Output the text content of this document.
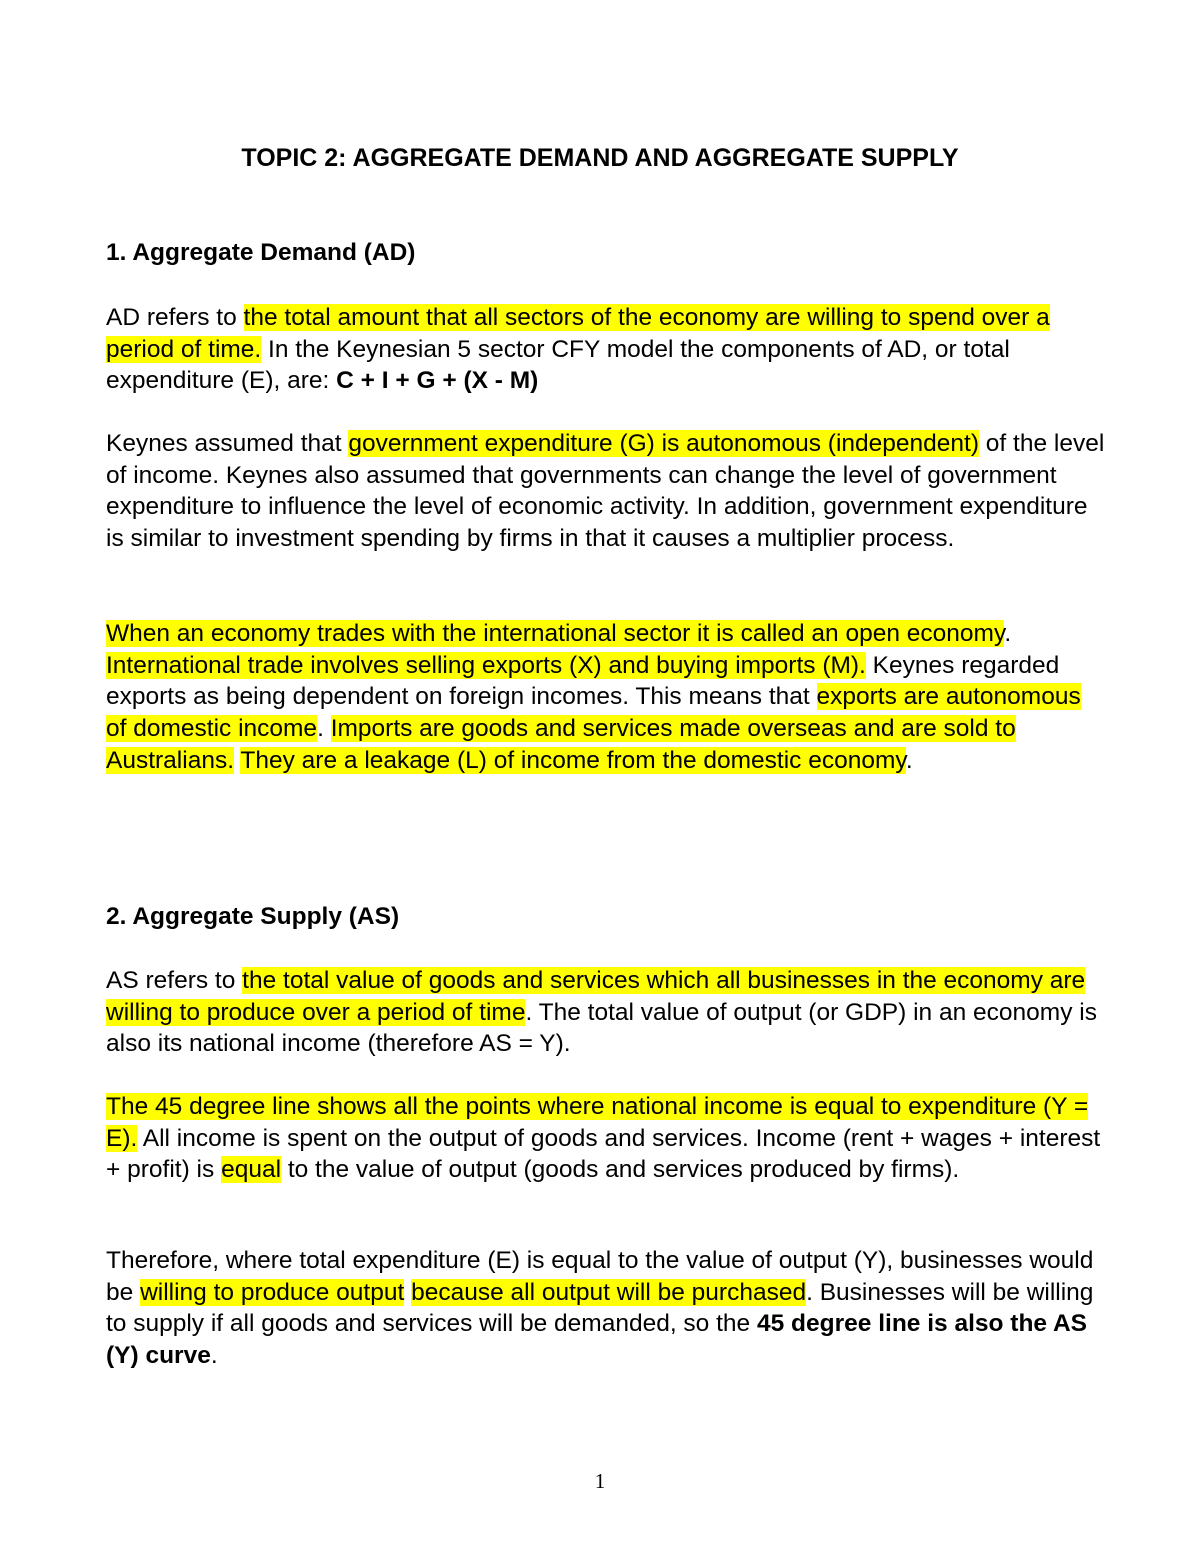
TOPIC 2: AGGREGATE DEMAND AND AGGREGATE SUPPLY
1. Aggregate Demand (AD)

AD refers to the total amount that all sectors of the economy are willing to spend over a period of time. In the Keynesian 5 sector CFY model the components of AD, or total expenditure (E), are: C + I + G + (X - M)

Keynes assumed that government expenditure (G) is autonomous (independent) of the level of income. Keynes also assumed that governments can change the level of government expenditure to influence the level of economic activity. In addition, government expenditure is similar to investment spending by firms in that it causes a multiplier process.

When an economy trades with the international sector it is called an open economy. International trade involves selling exports (X) and buying imports (M). Keynes regarded exports as being dependent on foreign incomes. This means that exports are autonomous of domestic income. Imports are goods and services made overseas and are sold to Australians. They are a leakage (L) of income from the domestic economy.

2. Aggregate Supply (AS)

AS refers to the total value of goods and services which all businesses in the economy are willing to produce over a period of time. The total value of output (or GDP) in an economy is also its national income (therefore AS = Y).

The 45 degree line shows all the points where national income is equal to expenditure (Y = E). All income is spent on the output of goods and services. Income (rent + wages + interest + profit) is equal to the value of output (goods and services produced by firms).

Therefore, where total expenditure (E) is equal to the value of output (Y), businesses would be willing to produce output because all output will be purchased. Businesses will be willing to supply if all goods and services will be demanded, so the 45 degree line is also the AS (Y) curve.

1
